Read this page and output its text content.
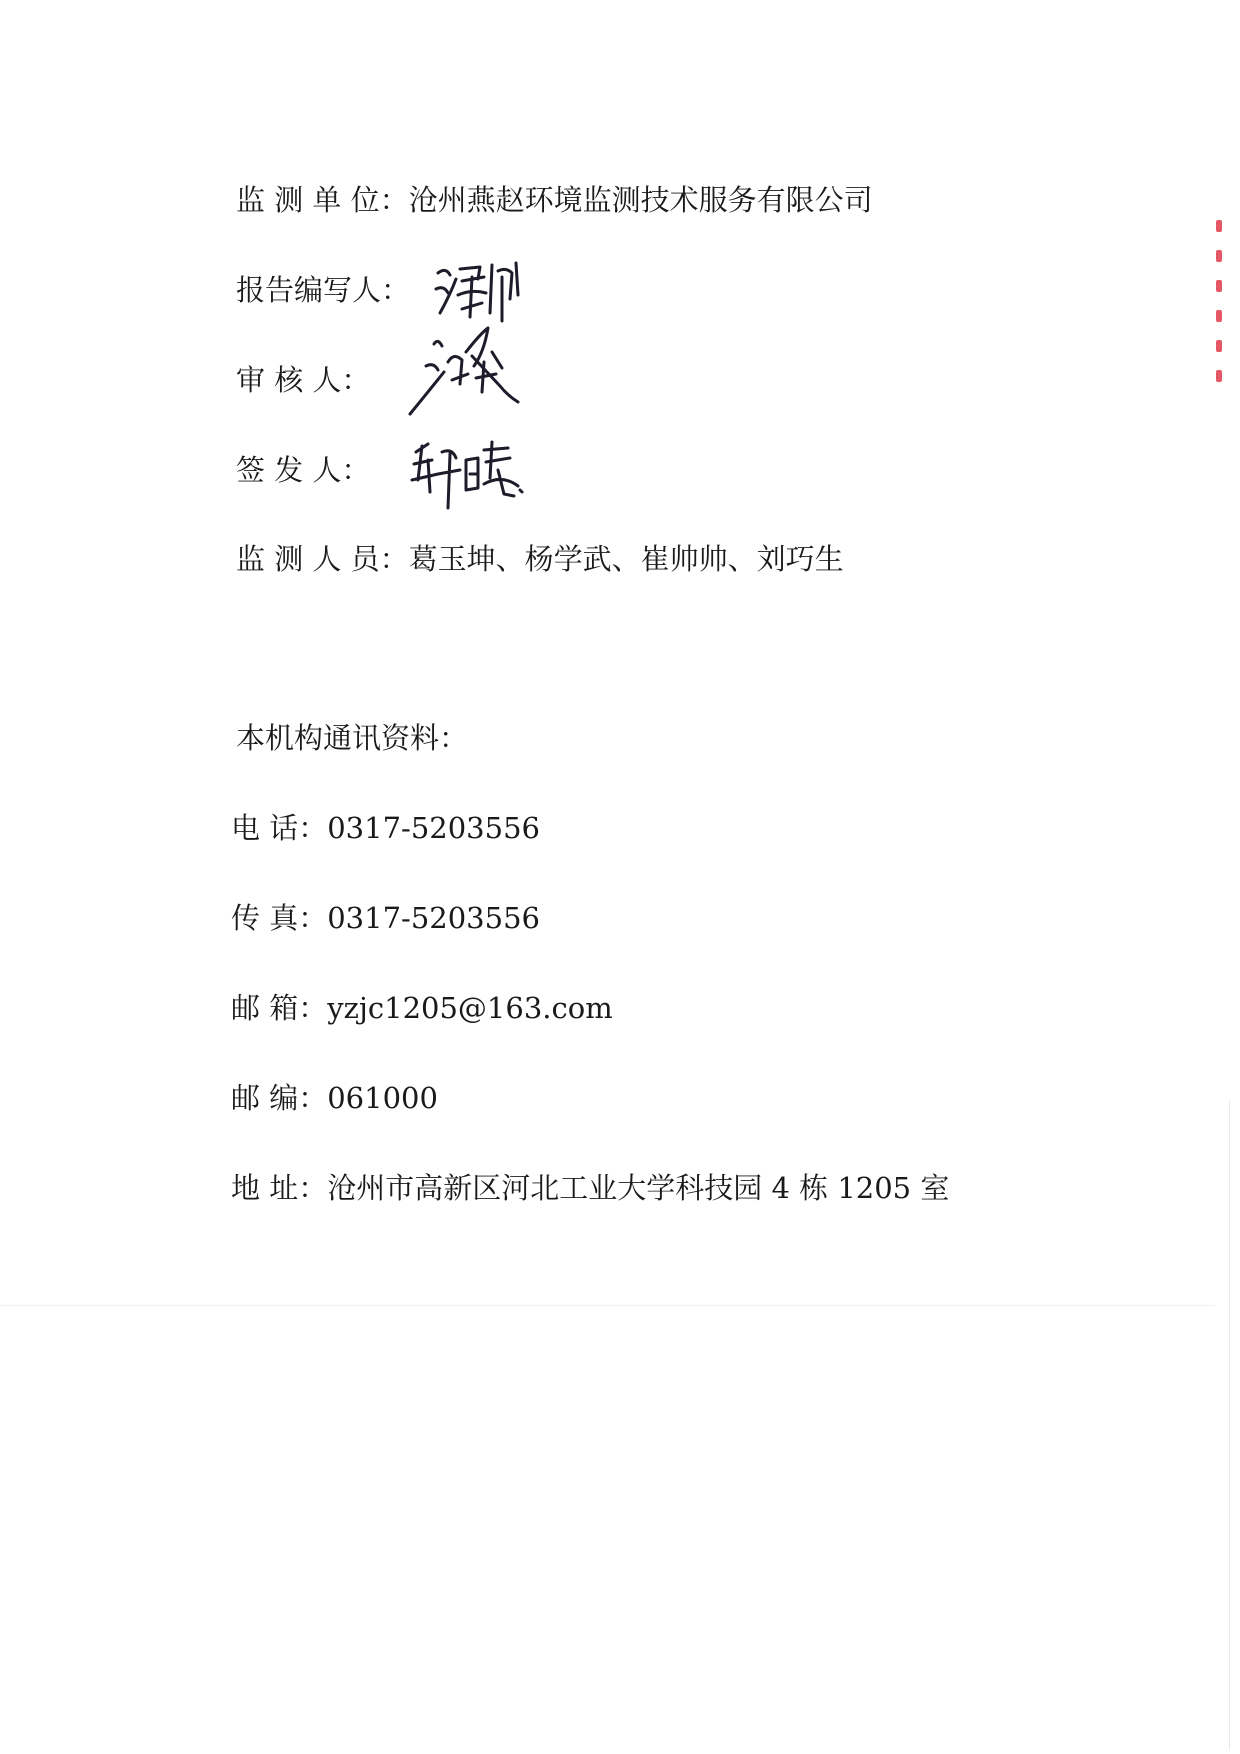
监 测 单 位：沧州燕赵环境监测技术服务有限公司
报告编写人：
审 核 人：
签 发 人：
监 测 人 员：葛玉坤、杨学武、崔帅帅、刘巧生
本机构通讯资料：
电 话：0317-5203556
传 真：0317-5203556
邮 箱：yzjc1205@163.com
邮 编：061000
地 址：沧州市高新区河北工业大学科技园 4 栋 1205 室
